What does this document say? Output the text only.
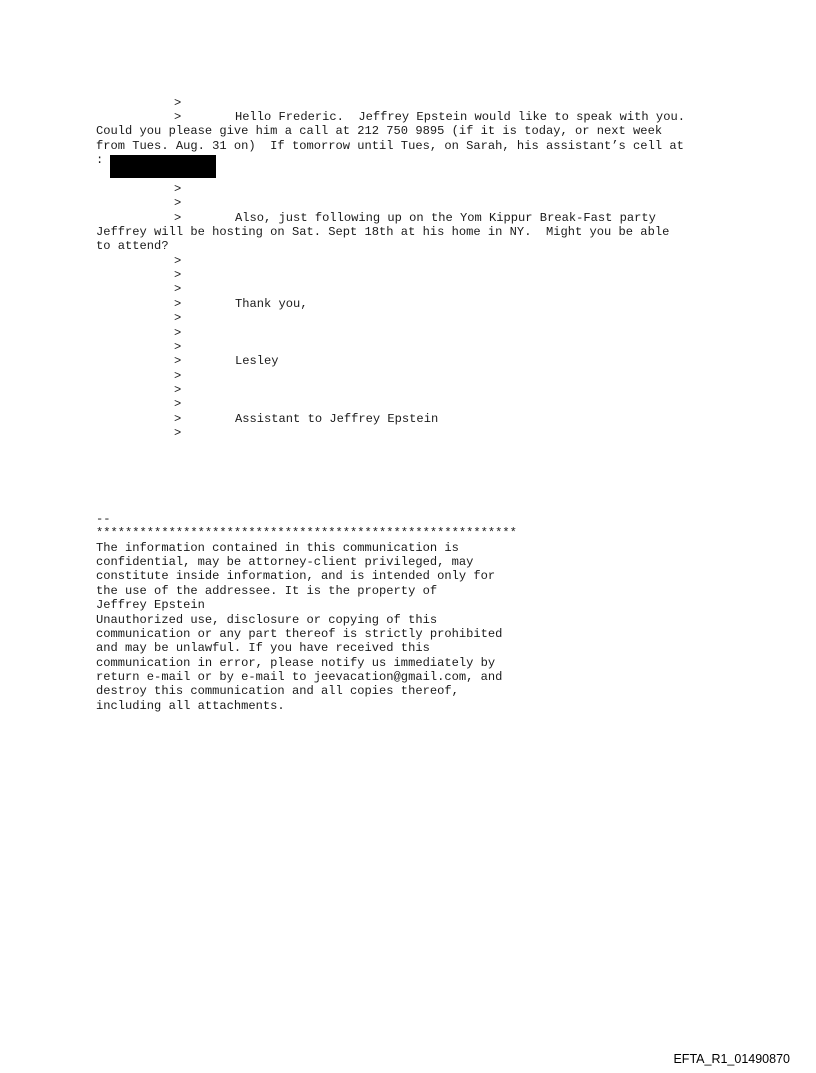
>
>	Hello Frederic.  Jeffrey Epstein would like to speak with you.
Could you please give him a call at 212 750 9895 (if it is today, or next week
from Tues. Aug. 31 on)  If tomorrow until Tues, on Sarah, his assistant’s cell at
:
>
>
>	Also, just following up on the Yom Kippur Break-Fast party
Jeffrey will be hosting on Sat. Sept 18th at his home in NY.  Might you be able
to attend?
>
>
>
>	Thank you,
>
>
>
>	Lesley
>
>
>
>	Assistant to Jeffrey Epstein
>
--
**********************************************************
The information contained in this communication is
confidential, may be attorney-client privileged, may
constitute inside information, and is intended only for
the use of the addressee. It is the property of
Jeffrey Epstein
Unauthorized use, disclosure or copying of this
communication or any part thereof is strictly prohibited
and may be unlawful. If you have received this
communication in error, please notify us immediately by
return e-mail or by e-mail to jeevacation@gmail.com, and
destroy this communication and all copies thereof,
including all attachments.
EFTA_R1_01490870
